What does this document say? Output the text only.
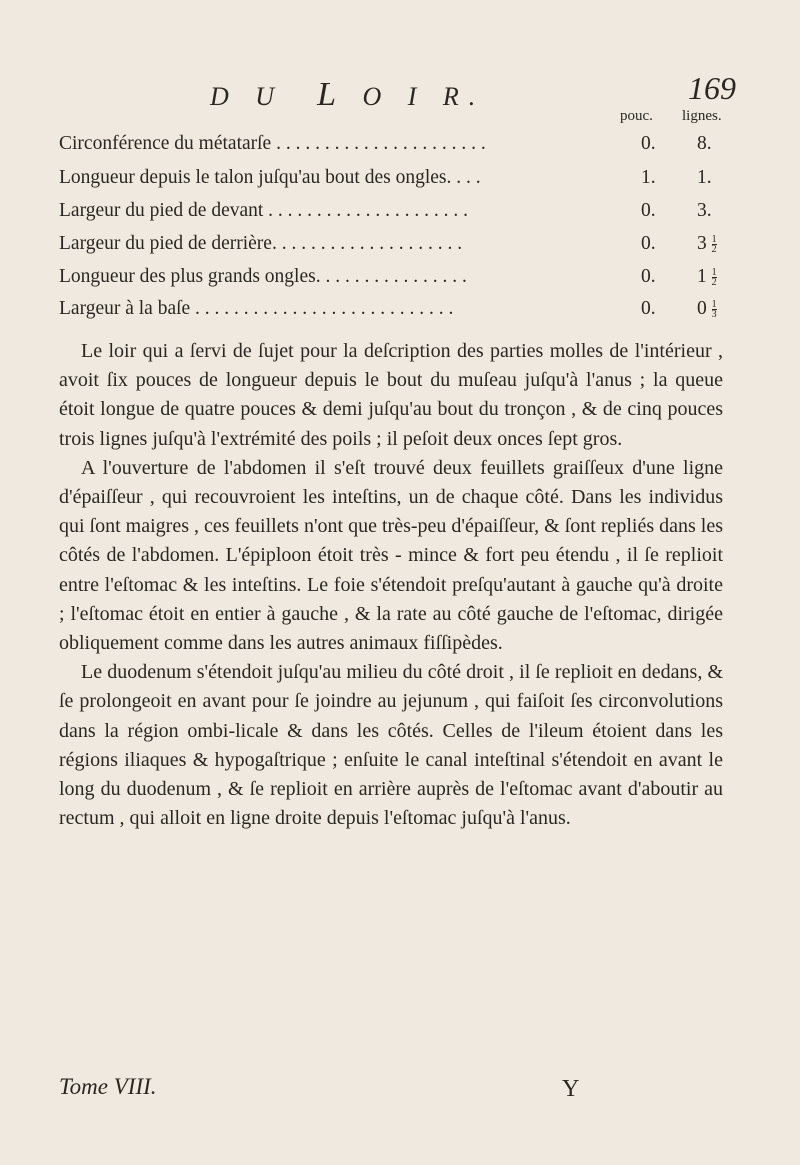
D U L O I R.	169
pouc. lignes.
Circonférence du métatarſe . . . . . . . . . . . . . . . . . . . . . .	0. 8.
Longueur depuis le talon juſqu'au bout des ongles. . . .	1. 1.
Largeur du pied de devant . . . . . . . . . . . . . . . . . . . . .	0. 3.
Largeur du pied de derrière. . . . . . . . . . . . . . . . . . . .	0. $3 \frac{1}{2}$
Longueur des plus grands ongles. . . . . . . . . . . . . . . .	0. $1 \frac{1}{2}$
Largeur à la baſe . . . . . . . . . . . . . . . . . . . . . . . . . . .	0. $0 \frac{1}{3}$

Le loir qui a ſervi de ſujet pour la deſcription des parties molles de l'intérieur , avoit ſix pouces de longueur depuis le bout du muſeau juſqu'à l'anus ; la queue étoit longue de quatre pouces & demi juſqu'au bout du tronçon , & de cinq pouces trois lignes juſqu'à l'extrémité des poils ; il peſoit deux onces ſept gros.

A l'ouverture de l'abdomen il s'eſt trouvé deux feuillets graiſſeux d'une ligne d'épaiſſeur , qui recouvroient les inteſtins, un de chaque côté. Dans les individus qui ſont maigres , ces feuillets n'ont que très-peu d'épaiſſeur, & ſont repliés dans les côtés de l'abdomen. L'épiploon étoit très - mince & fort peu étendu , il ſe replioit entre l'eſtomac & les inteſtins. Le foie s'étendoit preſqu'autant à gauche qu'à droite ; l'eſtomac étoit en entier à gauche , & la rate au côté gauche de l'eſtomac, dirigée obliquement comme dans les autres animaux fiſſipèdes.

Le duodenum s'étendoit juſqu'au milieu du côté droit , il ſe replioit en dedans, & ſe prolongeoit en avant pour ſe joindre au jejunum , qui faiſoit ſes circonvolutions dans la région ombi-licale & dans les côtés. Celles de l'ileum étoient dans les régions iliaques & hypogaſtrique ; enſuite le canal inteſtinal s'étendoit en avant le long du duodenum , & ſe replioit en arrière auprès de l'eſtomac avant d'aboutir au rectum , qui alloit en ligne droite depuis l'eſtomac juſqu'à l'anus.

Tome VIII.	Y
